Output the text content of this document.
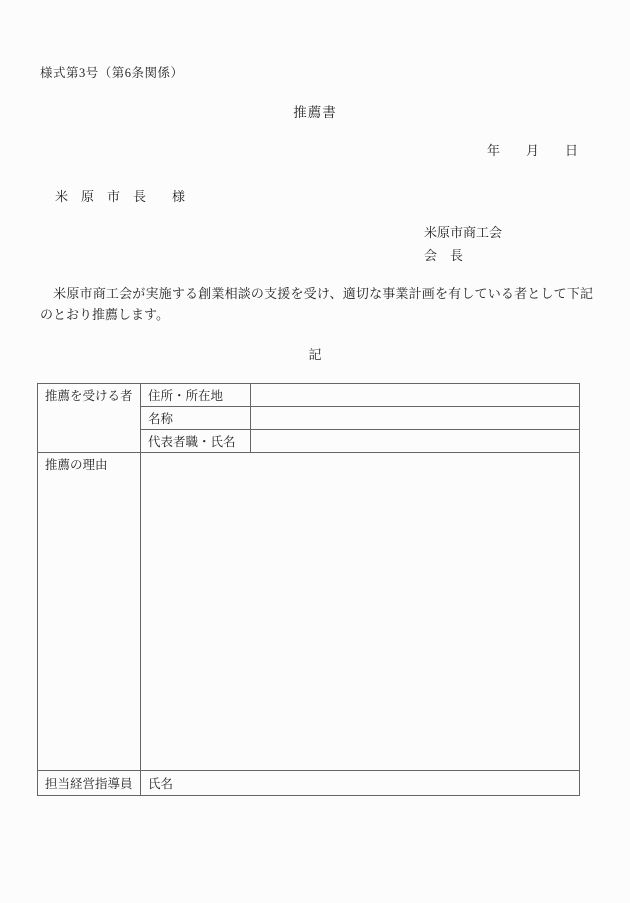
様式第3号（第6条関係）
推薦書
年　　月　　日
米　原　市　長　　様
米原市商工会
会　長
　米原市商工会が実施する創業相談の支援を受け、適切な事業計画を有している者として下記のとおり推薦します。
記
推薦を受ける者	住所・所在地	
	名称	
	代表者職・氏名	
推薦の理由		
担当経営指導員	氏名	
